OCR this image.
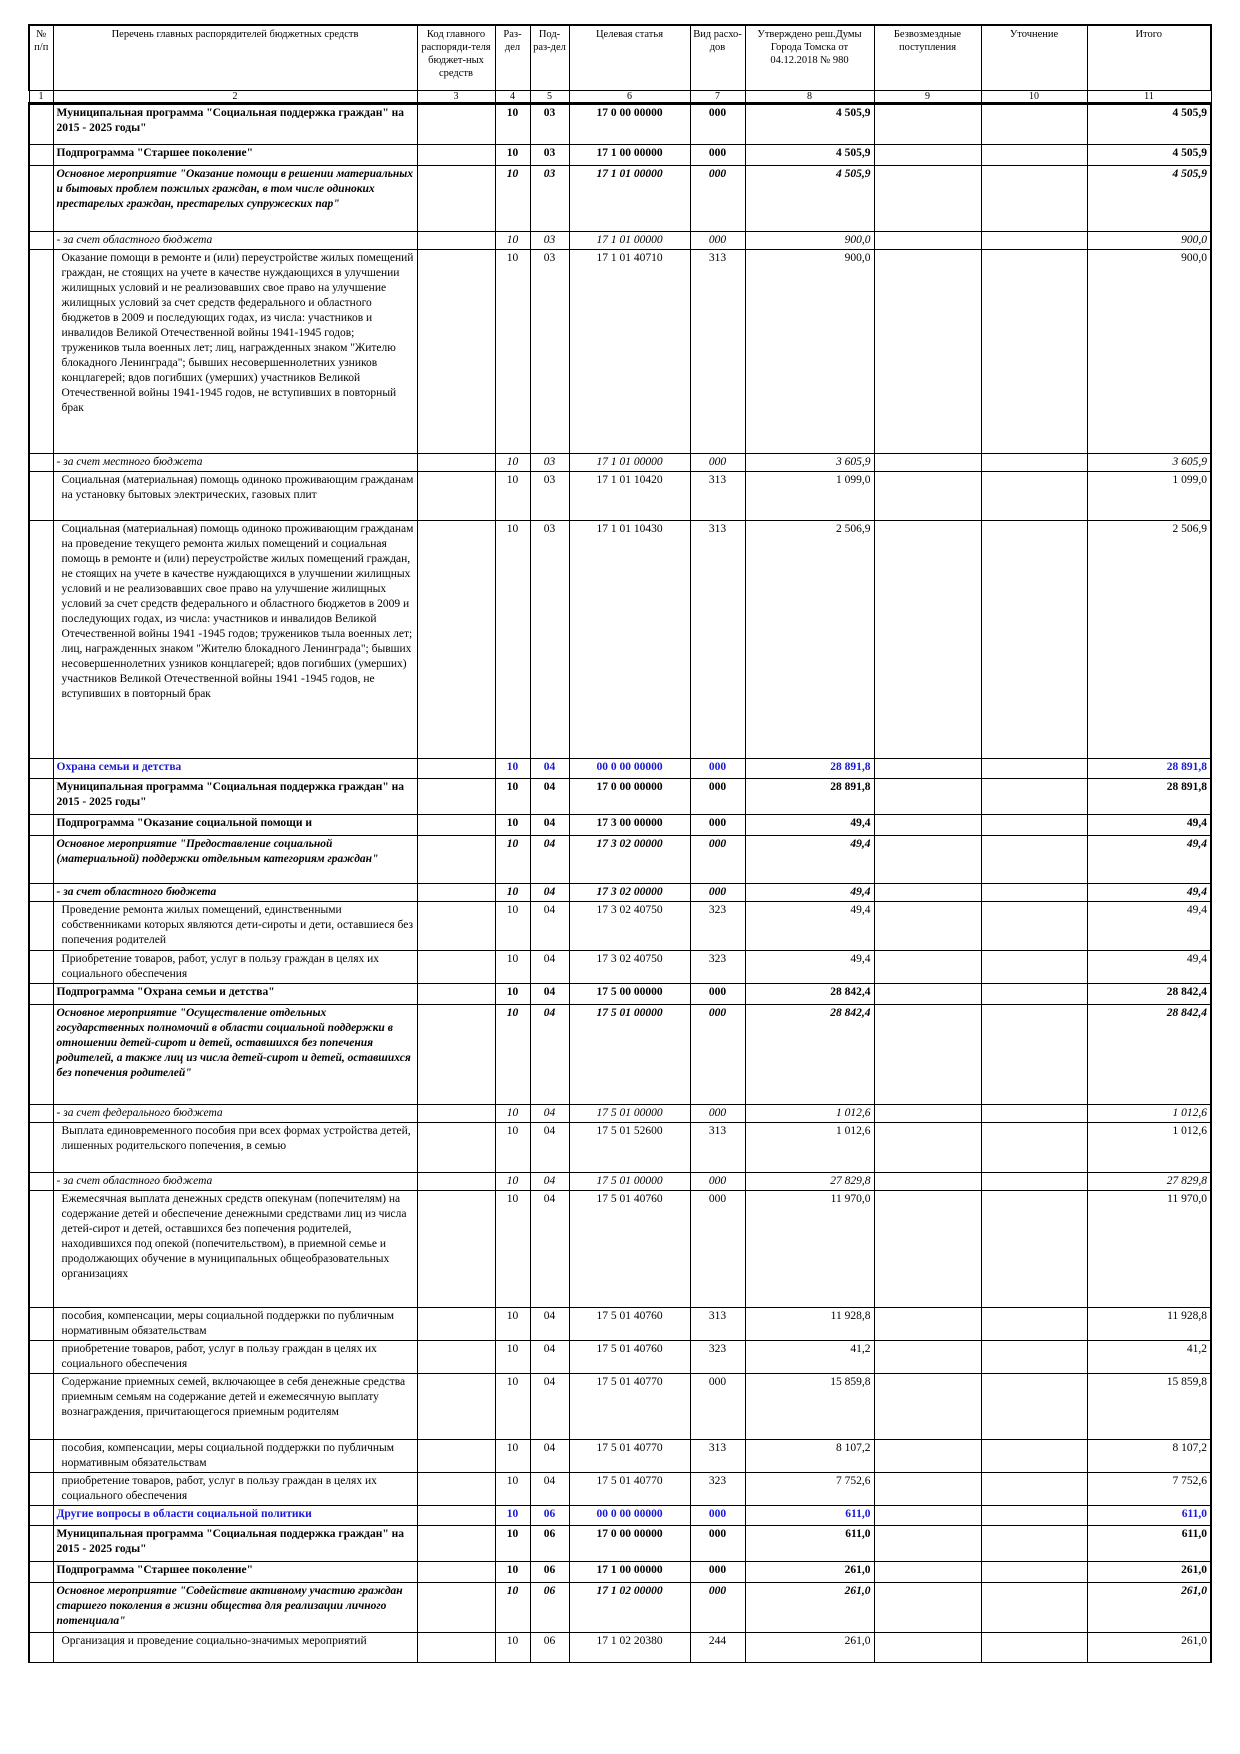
№ п/п	Перечень главных распорядителей бюджетных средств	Код главного распоряди-теля бюджет-ных средств	Раз-дел	Под-раз-дел	Целевая статья	Вид расхо-дов	Утверждено реш.Думы Города Томска от 04.12.2018 № 980	Безвозмездные поступления	Уточнение	Итого
1	2	3	4	5	6	7	8	9	10	11
	Муниципальная программа "Социальная поддержка граждан" на 2015 - 2025 годы"		10	03	17 0 00 00000	000	4 505,9			4 505,9
	Подпрограмма "Старшее поколение"		10	03	17 1 00 00000	000	4 505,9			4 505,9
	Основное мероприятие "Оказание помощи в решении материальных и бытовых проблем пожилых граждан, в том числе одиноких престарелых граждан, престарелых супружеских пар"		10	03	17 1 01 00000	000	4 505,9			4 505,9
	- за счет областного бюджета		10	03	17 1 01 00000	000	900,0			900,0
	Оказание помощи в ремонте и (или) переустройстве жилых помещений граждан, не стоящих на учете в качестве нуждающихся в улучшении жилищных условий и не реализовавших свое право на улучшение жилищных условий за счет средств федерального и областного бюджетов в 2009 и последующих годах, из числа: участников и инвалидов Великой Отечественной войны 1941-1945 годов; тружеников тыла военных лет; лиц, награжденных знаком "Жителю блокадного Ленинграда"; бывших несовершеннолетних узников концлагерей; вдов погибших (умерших) участников Великой Отечественной войны 1941-1945 годов, не вступивших в повторный брак		10	03	17 1 01 40710	313	900,0			900,0
	- за счет местного бюджета		10	03	17 1 01 00000	000	3 605,9			3 605,9
	Социальная (материальная) помощь одиноко проживающим гражданам на установку бытовых электрических, газовых плит		10	03	17 1 01 10420	313	1 099,0			1 099,0
	Социальная (материальная) помощь одиноко проживающим гражданам на проведение текущего ремонта жилых помещений и социальная помощь в ремонте и (или) переустройстве жилых помещений граждан, не стоящих на учете в качестве нуждающихся в улучшении жилищных условий и не реализовавших свое право на улучшение жилищных условий за счет средств федерального и областного бюджетов в 2009 и последующих годах, из числа: участников и инвалидов Великой Отечественной войны 1941 -1945 годов; тружеников тыла военных лет; лиц, награжденных знаком "Жителю блокадного Ленинграда"; бывших несовершеннолетних узников концлагерей; вдов погибших (умерших) участников Великой Отечественной войны 1941 -1945 годов, не вступивших в повторный брак		10	03	17 1 01 10430	313	2 506,9			2 506,9
	Охрана семьи и детства		10	04	00 0 00 00000	000	28 891,8			28 891,8
	Муниципальная программа "Социальная поддержка граждан" на 2015 - 2025 годы"		10	04	17 0 00 00000	000	28 891,8			28 891,8
	Подпрограмма "Оказание социальной помощи и		10	04	17 3 00 00000	000	49,4			49,4
	Основное мероприятие "Предоставление социальной (материальной) поддержки отдельным категориям граждан"		10	04	17 3 02 00000	000	49,4			49,4
	- за счет областного бюджета		10	04	17 3 02 00000	000	49,4			49,4
	Проведение ремонта жилых помещений, единственными собственниками которых являются дети-сироты и дети, оставшиеся без попечения родителей		10	04	17 3 02 40750	323	49,4			49,4
	Приобретение товаров, работ, услуг в пользу граждан в целях их социального обеспечения		10	04	17 3 02 40750	323	49,4			49,4
	Подпрограмма "Охрана семьи и детства"		10	04	17 5 00 00000	000	28 842,4			28 842,4
	Основное мероприятие "Осуществление отдельных государственных полномочий в области социальной поддержки в отношении детей-сирот и детей, оставшихся без попечения родителей, а также лиц из числа детей-сирот и детей, оставшихся без попечения родителей"		10	04	17 5 01 00000	000	28 842,4			28 842,4
	- за счет федерального бюджета		10	04	17 5 01 00000	000	1 012,6			1 012,6
	Выплата единовременного пособия при всех формах устройства детей, лишенных родительского попечения, в семью		10	04	17 5 01 52600	313	1 012,6			1 012,6
	- за счет областного бюджета		10	04	17 5 01 00000	000	27 829,8			27 829,8
	Ежемесячная выплата денежных средств опекунам (попечителям) на содержание детей и обеспечение денежными средствами лиц из числа детей-сирот и детей, оставшихся без попечения родителей, находившихся под опекой (попечительством), в приемной семье и продолжающих обучение в муниципальных общеобразовательных организациях		10	04	17 5 01 40760	000	11 970,0			11 970,0
	пособия, компенсации, меры социальной поддержки по публичным нормативным обязательствам		10	04	17 5 01 40760	313	11 928,8			11 928,8
	приобретение товаров, работ, услуг в пользу граждан в целях их социального обеспечения		10	04	17 5 01 40760	323	41,2			41,2
	Содержание приемных семей, включающее в себя денежные средства приемным семьям на содержание детей и ежемесячную выплату вознаграждения, причитающегося приемным родителям		10	04	17 5 01 40770	000	15 859,8			15 859,8
	пособия, компенсации, меры социальной поддержки по публичным нормативным обязательствам		10	04	17 5 01 40770	313	8 107,2			8 107,2
	приобретение товаров, работ, услуг в пользу граждан в целях их социального обеспечения		10	04	17 5 01 40770	323	7 752,6			7 752,6
	Другие вопросы в области социальной политики		10	06	00 0 00 00000	000	611,0			611,0
	Муниципальная программа "Социальная поддержка граждан" на 2015 - 2025 годы"		10	06	17 0 00 00000	000	611,0			611,0
	Подпрограмма "Старшее поколение"		10	06	17 1 00 00000	000	261,0			261,0
	Основное мероприятие "Содействие активному участию граждан старшего поколения в жизни общества для реализации личного потенциала"		10	06	17 1 02 00000	000	261,0			261,0
	Организация и проведение социально-значимых мероприятий		10	06	17 1 02 20380	244	261,0			261,0
